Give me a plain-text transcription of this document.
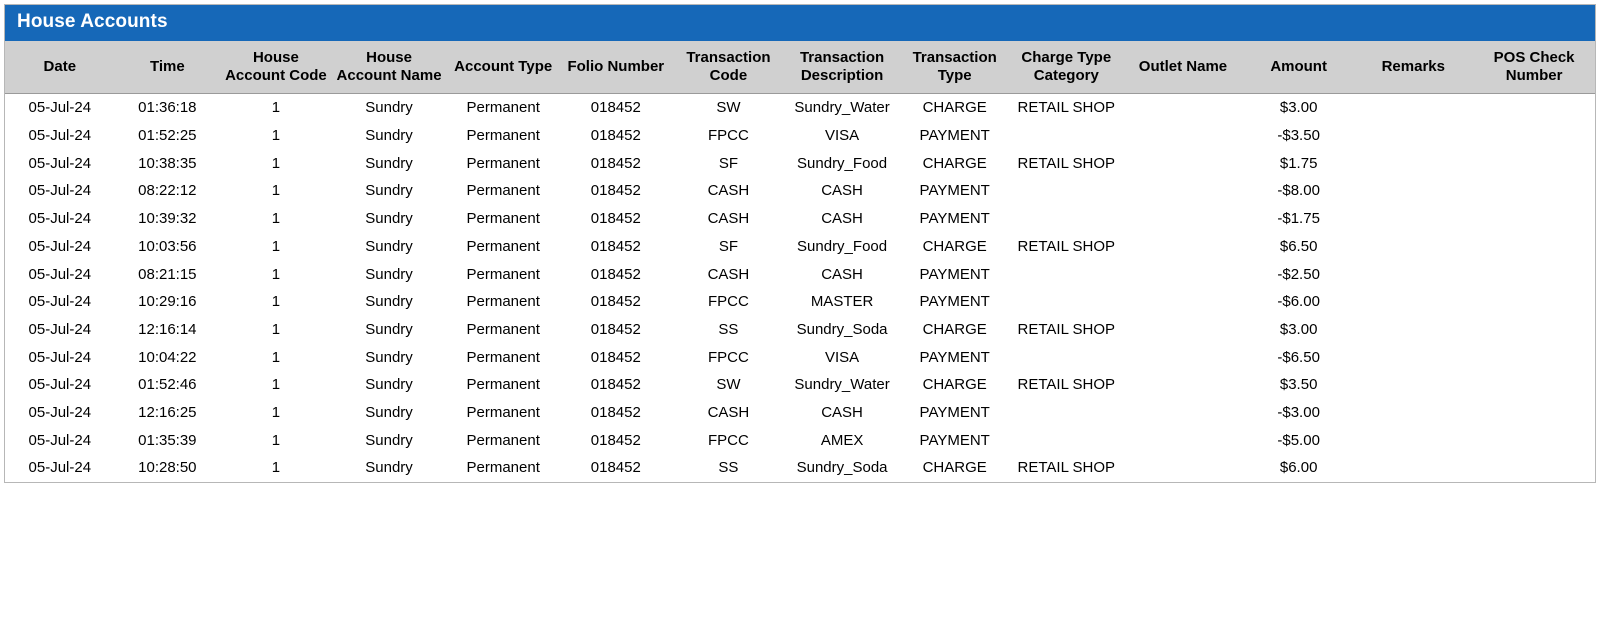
House Accounts
Date	Time	House Account Code	House Account Name	Account Type	Folio Number	Transaction Code	Transaction Description	Transaction Type	Charge Type Category	Outlet Name	Amount	Remarks	POS Check Number
05-Jul-24	01:36:18	1	Sundry	Permanent	018452	SW	Sundry_Water	CHARGE	RETAIL SHOP		$3.00		
05-Jul-24	01:52:25	1	Sundry	Permanent	018452	FPCC	VISA	PAYMENT			-$3.50		
05-Jul-24	10:38:35	1	Sundry	Permanent	018452	SF	Sundry_Food	CHARGE	RETAIL SHOP		$1.75		
05-Jul-24	08:22:12	1	Sundry	Permanent	018452	CASH	CASH	PAYMENT			-$8.00		
05-Jul-24	10:39:32	1	Sundry	Permanent	018452	CASH	CASH	PAYMENT			-$1.75		
05-Jul-24	10:03:56	1	Sundry	Permanent	018452	SF	Sundry_Food	CHARGE	RETAIL SHOP		$6.50		
05-Jul-24	08:21:15	1	Sundry	Permanent	018452	CASH	CASH	PAYMENT			-$2.50		
05-Jul-24	10:29:16	1	Sundry	Permanent	018452	FPCC	MASTER	PAYMENT			-$6.00		
05-Jul-24	12:16:14	1	Sundry	Permanent	018452	SS	Sundry_Soda	CHARGE	RETAIL SHOP		$3.00		
05-Jul-24	10:04:22	1	Sundry	Permanent	018452	FPCC	VISA	PAYMENT			-$6.50		
05-Jul-24	01:52:46	1	Sundry	Permanent	018452	SW	Sundry_Water	CHARGE	RETAIL SHOP		$3.50		
05-Jul-24	12:16:25	1	Sundry	Permanent	018452	CASH	CASH	PAYMENT			-$3.00		
05-Jul-24	01:35:39	1	Sundry	Permanent	018452	FPCC	AMEX	PAYMENT			-$5.00		
05-Jul-24	10:28:50	1	Sundry	Permanent	018452	SS	Sundry_Soda	CHARGE	RETAIL SHOP		$6.00		
